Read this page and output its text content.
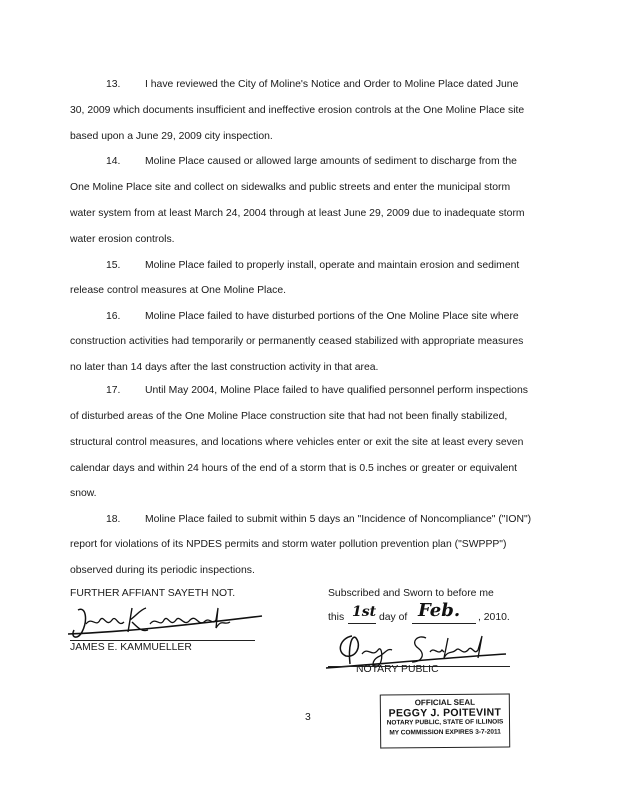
13. I have reviewed the City of Moline's Notice and Order to Moline Place dated June
30, 2009 which documents insufficient and ineffective erosion controls at the One Moline Place site
based upon a June 29, 2009 city inspection.
14. Moline Place caused or allowed large amounts of sediment to discharge from the
One Moline Place site and collect on sidewalks and public streets and enter the municipal storm
water system from at least March 24, 2004 through at least June 29, 2009 due to inadequate storm
water erosion controls.
15. Moline Place failed to properly install, operate and maintain erosion and sediment
release control measures at One Moline Place.
16. Moline Place failed to have disturbed portions of the One Moline Place site where
construction activities had temporarily or permanently ceased stabilized with appropriate measures
no later than 14 days after the last construction activity in that area.
17. Until May 2004, Moline Place failed to have qualified personnel perform inspections
of disturbed areas of the One Moline Place construction site that had not been finally stabilized,
structural control measures, and locations where vehicles enter or exit the site at least every seven
calendar days and within 24 hours of the end of a storm that is 0.5 inches or greater or equivalent
snow.
18. Moline Place failed to submit within 5 days an "Incidence of Noncompliance" ("ION")
report for violations of its NPDES permits and storm water pollution prevention plan ("SWPPP")
observed during its periodic inspections.
FURTHER AFFIANT SAYETH NOT.
JAMES E. KAMMUELLER
Subscribed and Sworn to before me
this 1st day of Feb. , 2010.
NOTARY PUBLIC
3
OFFICIAL SEAL
PEGGY J. POITEVINT
NOTARY PUBLIC, STATE OF ILLINOIS
MY COMMISSION EXPIRES 3-7-2011
